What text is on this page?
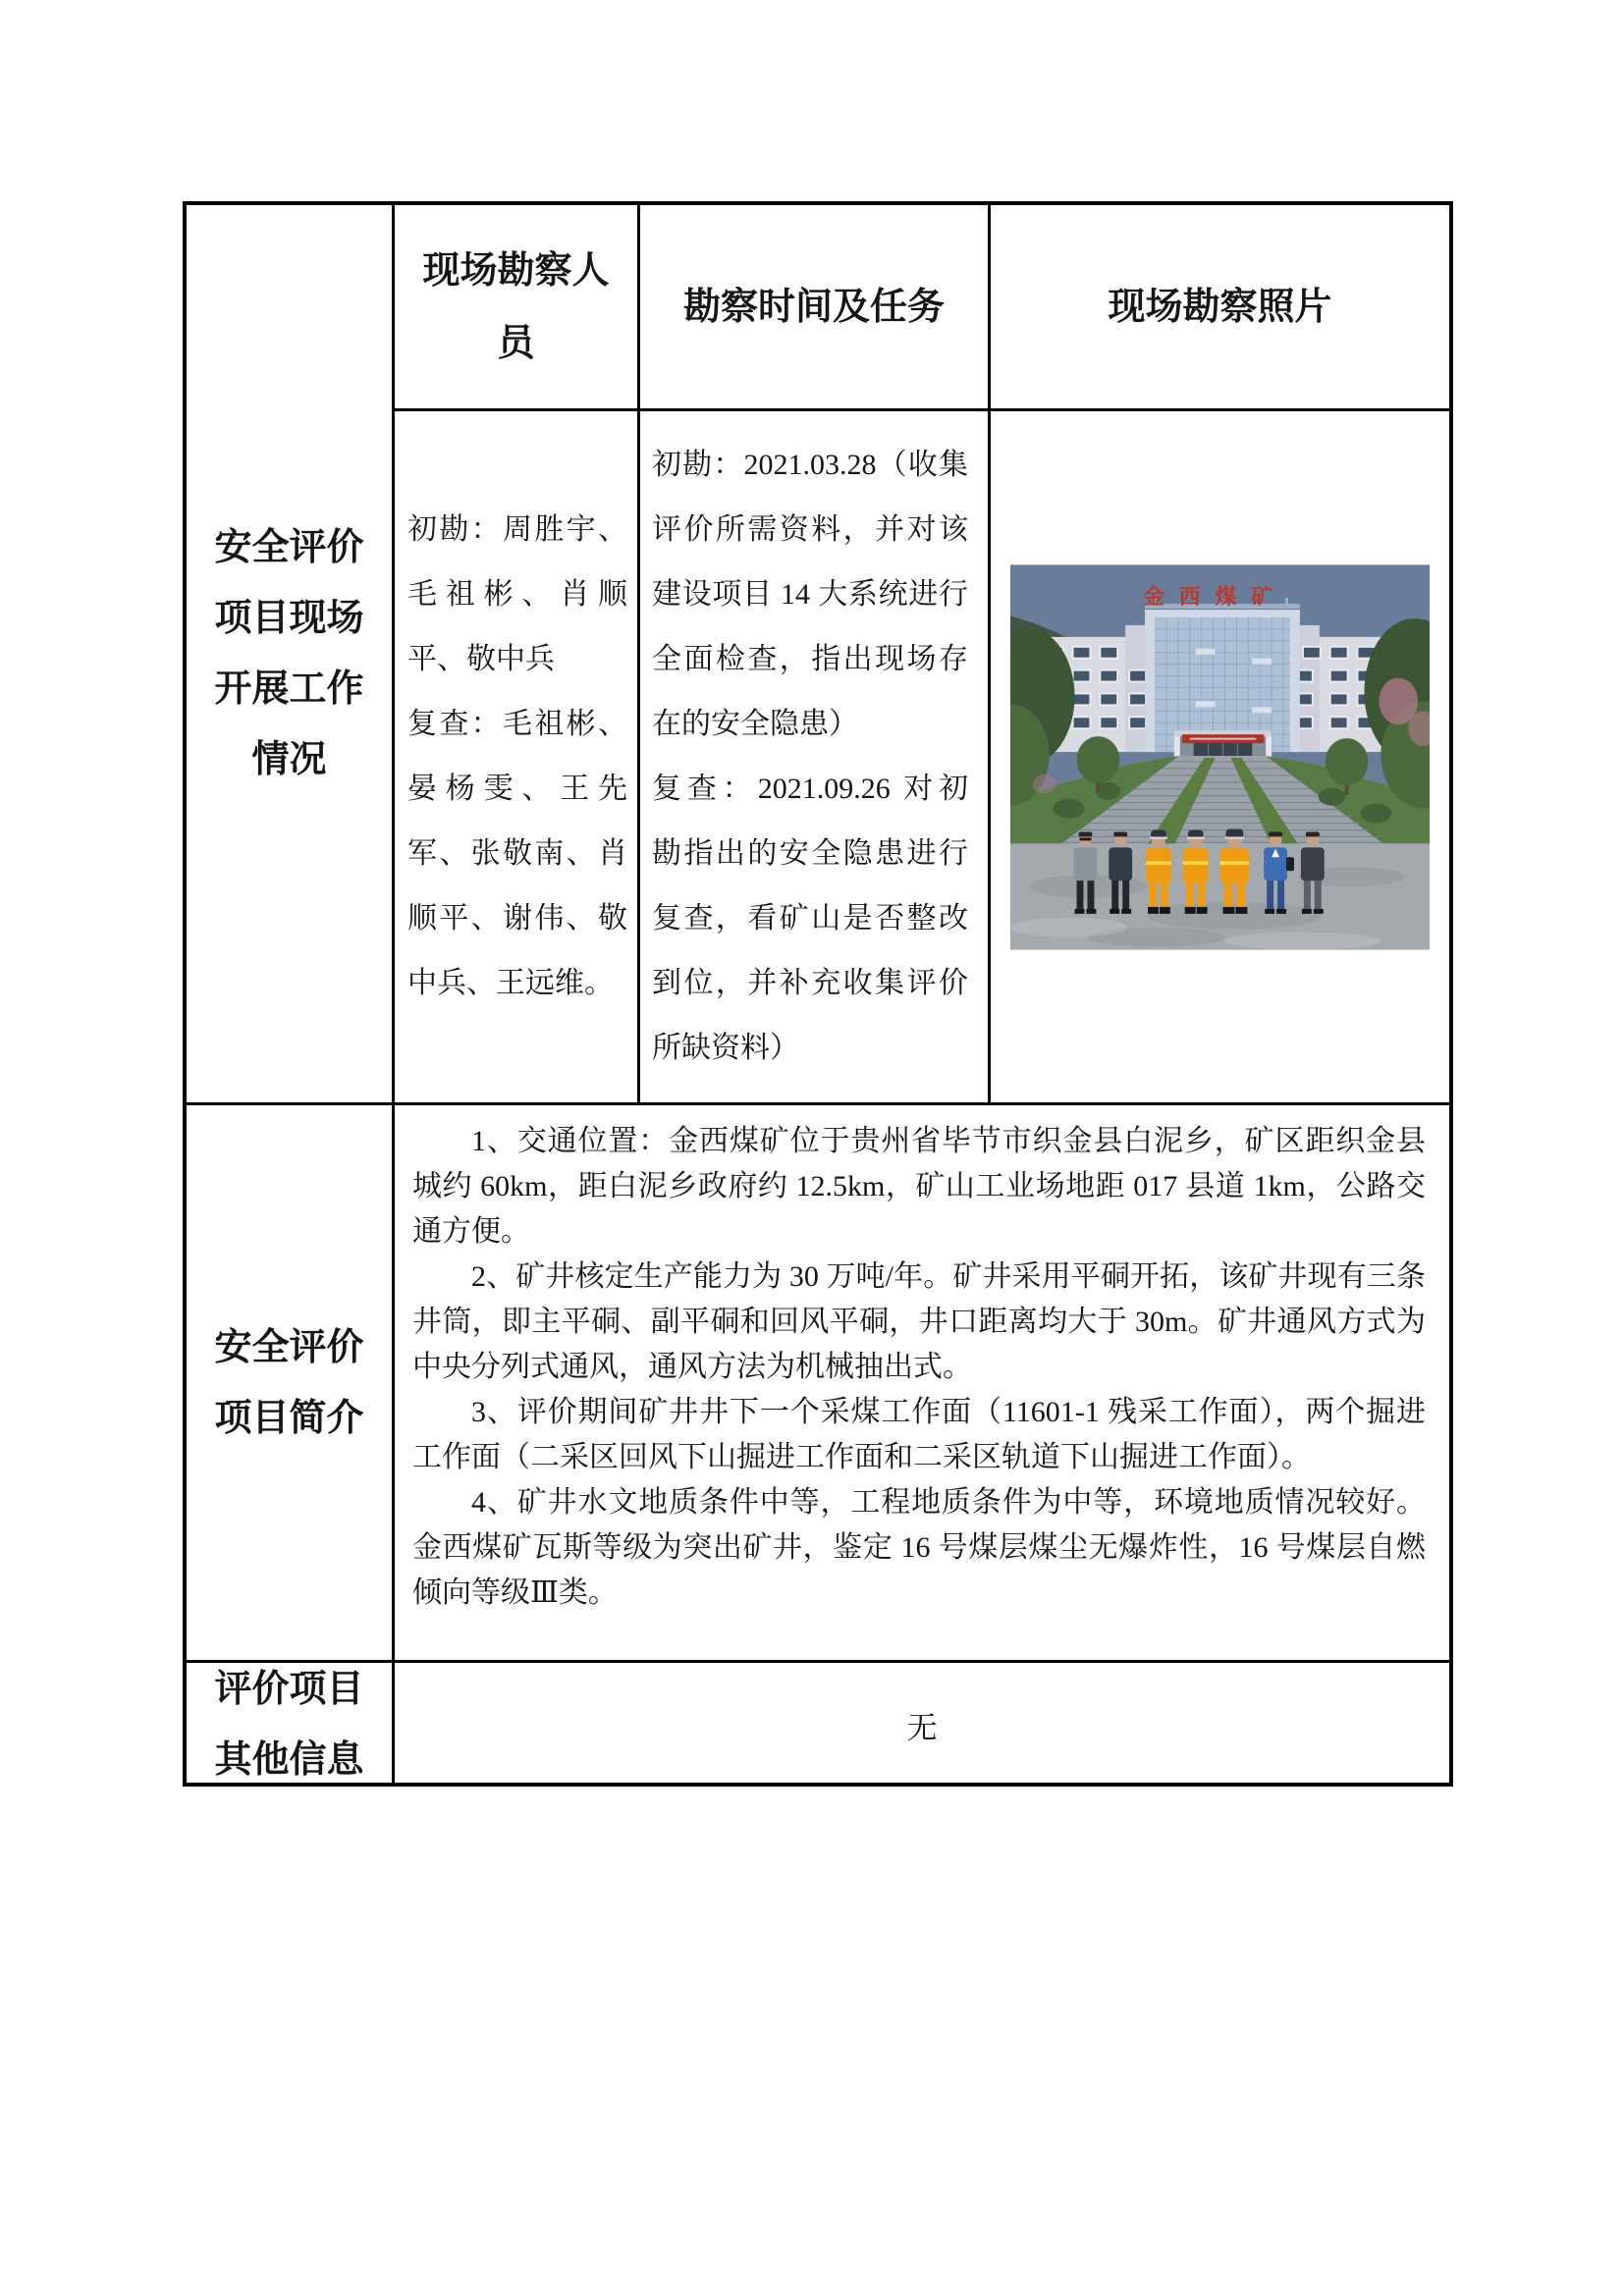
安全评价项目现场开展工作情况
现场勘察人员
勘察时间及任务	现场勘察照片
初勘：周胜宇、毛祖彬、肖顺平、敬中兵
复查：毛祖彬、晏杨雯、王先军、张敬南、肖顺平、谢伟、敬中兵、王远维。
初勘：2021.03.28（收集评价所需资料，并对该建设项目 14 大系统进行全面检查，指出现场存在的安全隐患）
复查：2021.09.26 对初勘指出的安全隐患进行复查，看矿山是否整改到位，并补充收集评价所缺资料）
金西煤矿
安全评价项目简介
1、交通位置：金西煤矿位于贵州省毕节市织金县白泥乡，矿区距织金县城约 60km，距白泥乡政府约 12.5km，矿山工业场地距 017 县道 1km，公路交通方便。
2、矿井核定生产能力为 30 万吨/年。矿井采用平硐开拓，该矿井现有三条井筒，即主平硐、副平硐和回风平硐，井口距离均大于 30m。矿井通风方式为中央分列式通风，通风方法为机械抽出式。
3、评价期间矿井井下一个采煤工作面（11601-1 残采工作面），两个掘进工作面（二采区回风下山掘进工作面和二采区轨道下山掘进工作面）。
4、矿井水文地质条件中等，工程地质条件为中等，环境地质情况较好。金西煤矿瓦斯等级为突出矿井，鉴定 16 号煤层煤尘无爆炸性，16 号煤层自燃倾向等级Ⅲ类。
评价项目其他信息
无
